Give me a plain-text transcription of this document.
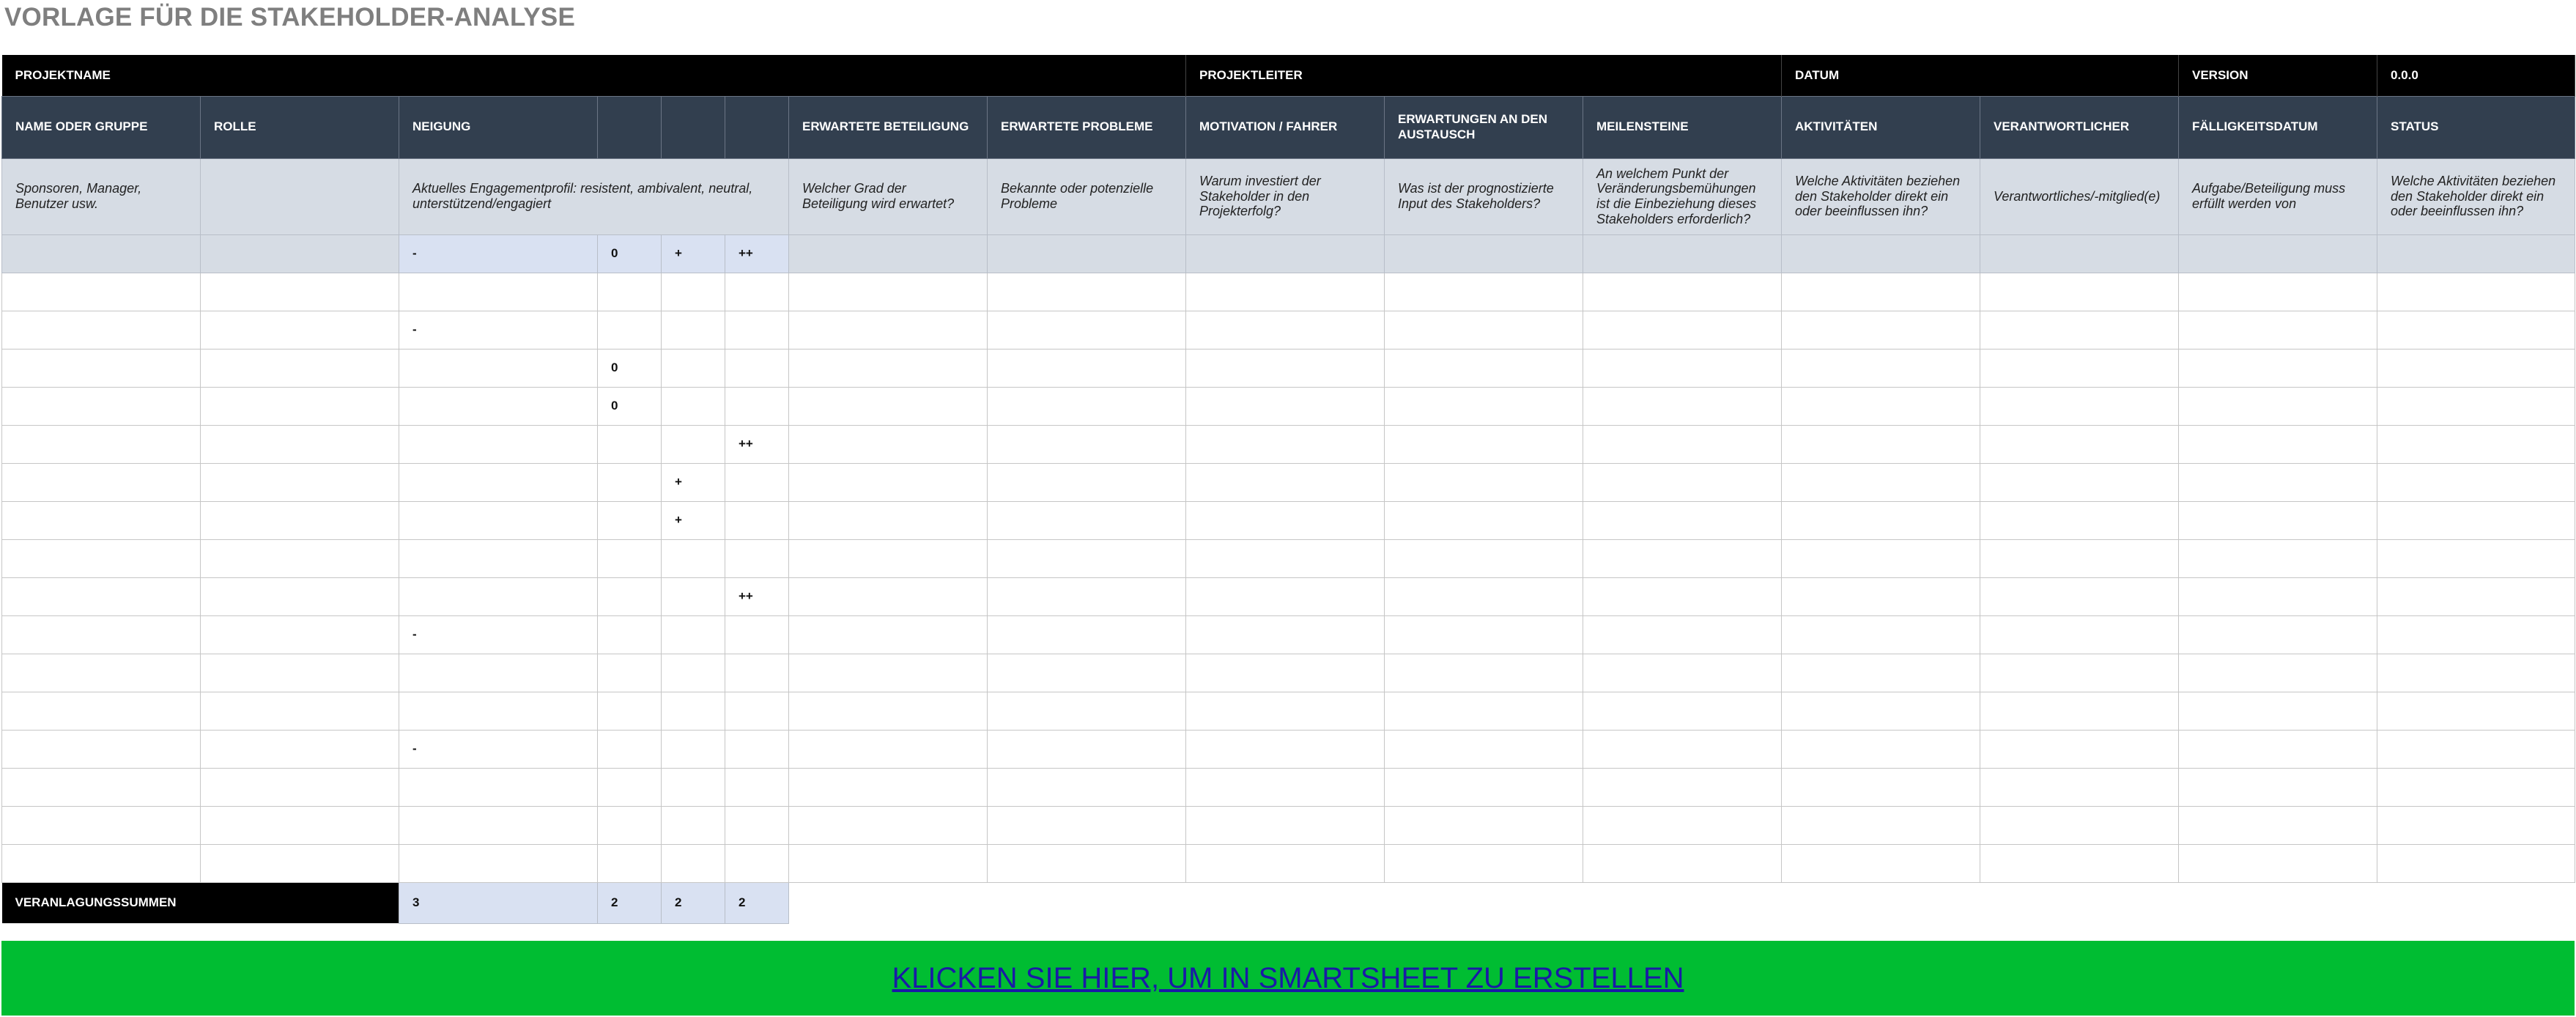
VORLAGE FÜR DIE STAKEHOLDER-ANALYSE
PROJEKTNAME								PROJEKTLEITER			DATUM		VERSION	0.0.0
NAME ODER GRUPPE	ROLLE	NEIGUNG				ERWARTETE BETEILIGUNG	ERWARTETE PROBLEME	MOTIVATION / FAHRER	ERWARTUNGEN AN DEN AUSTAUSCH	MEILENSTEINE	AKTIVITÄTEN	VERANTWORTLICHER	FÄLLIGKEITSDATUM	STATUS
Sponsoren, Manager, Benutzer usw.		Aktuelles Engagementprofil: resistent, ambivalent, neutral, unterstützend/engagiert				Welcher Grad der Beteiligung wird erwartet?	Bekannte oder potenzielle Probleme	Warum investiert der Stakeholder in den Projekterfolg?	Was ist der prognostizierte Input des Stakeholders?	An welchem Punkt der Veränderungsbemühungen ist die Einbeziehung dieses Stakeholders erforderlich?	Welche Aktivitäten beziehen den Stakeholder direkt ein oder beeinflussen ihn?	Verantwortliches/-mitglied(e)	Aufgabe/Beteiligung muss erfüllt werden von	Welche Aktivitäten beziehen den Stakeholder direkt ein oder beeinflussen ihn?
		-	0	+	++									

		-												
			0											
			0											
					++									
				+										
				+										

					++									
		-												

		-												

VERANLAGUNGSSUMMEN		3	2	2	2									
KLICKEN SIE HIER, UM IN SMARTSHEET ZU ERSTELLEN
